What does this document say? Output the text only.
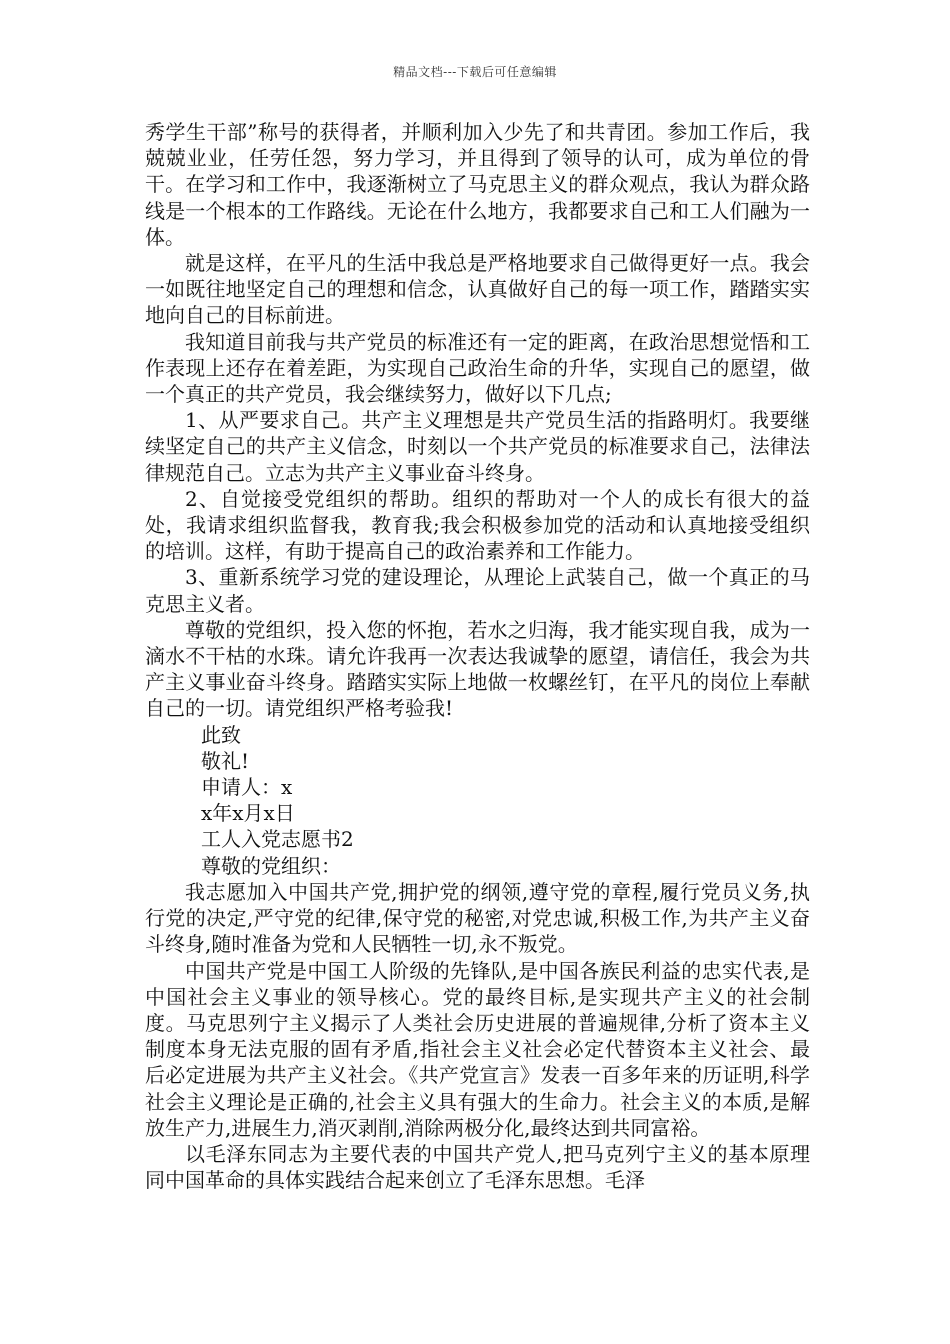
精品文档---下载后可任意编辑

秀学生干部”称号的获得者，并顺利加入少先了和共青团。参加工作后，我兢兢业业，任劳任怨，努力学习，并且得到了领导的认可，成为单位的骨干。在学习和工作中，我逐渐树立了马克思主义的群众观点，我认为群众路线是一个根本的工作路线。无论在什么地方，我都要求自己和工人们融为一体。

就是这样，在平凡的生活中我总是严格地要求自己做得更好一点。我会一如既往地坚定自己的理想和信念，认真做好自己的每一项工作，踏踏实实地向自己的目标前进。

我知道目前我与共产党员的标准还有一定的距离，在政治思想觉悟和工作表现上还存在着差距，为实现自己政治生命的升华，实现自己的愿望，做一个真正的共产党员，我会继续努力，做好以下几点;

1、从严要求自己。共产主义理想是共产党员生活的指路明灯。我要继续坚定自己的共产主义信念，时刻以一个共产党员的标准要求自己，法律法律规范自己。立志为共产主义事业奋斗终身。

2、自觉接受党组织的帮助。组织的帮助对一个人的成长有很大的益处，我请求组织监督我，教育我;我会积极参加党的活动和认真地接受组织的培训。这样，有助于提高自己的政治素养和工作能力。

3、重新系统学习党的建设理论，从理论上武装自己，做一个真正的马克思主义者。

尊敬的党组织，投入您的怀抱，若水之归海，我才能实现自我，成为一滴水不干枯的水珠。请允许我再一次表达我诚挚的愿望，请信任，我会为共产主义事业奋斗终身。踏踏实实际上地做一枚螺丝钉，在平凡的岗位上奉献自己的一切。请党组织严格考验我!

此致

敬礼!

申请人：x

x年x月x日

工人入党志愿书2

尊敬的党组织：

我志愿加入中国共产党,拥护党的纲领,遵守党的章程,履行党员义务,执行党的决定,严守党的纪律,保守党的秘密,对党忠诚,积极工作,为共产主义奋斗终身,随时准备为党和人民牺牲一切,永不叛党。

中国共产党是中国工人阶级的先锋队,是中国各族民利益的忠实代表,是中国社会主义事业的领导核心。党的最终目标,是实现共产主义的社会制度。马克思列宁主义揭示了人类社会历史进展的普遍规律,分析了资本主义制度本身无法克服的固有矛盾,指社会主义社会必定代替资本主义社会、最后必定进展为共产主义社会。《共产党宣言》发表一百多年来的历证明,科学社会主义理论是正确的,社会主义具有强大的生命力。社会主义的本质,是解放生产力,进展生力,消灭剥削,消除两极分化,最终达到共同富裕。

以毛泽东同志为主要代表的中国共产党人,把马克列宁主义的基本原理同中国革命的具体实践结合起来创立了毛泽东思想。毛泽
